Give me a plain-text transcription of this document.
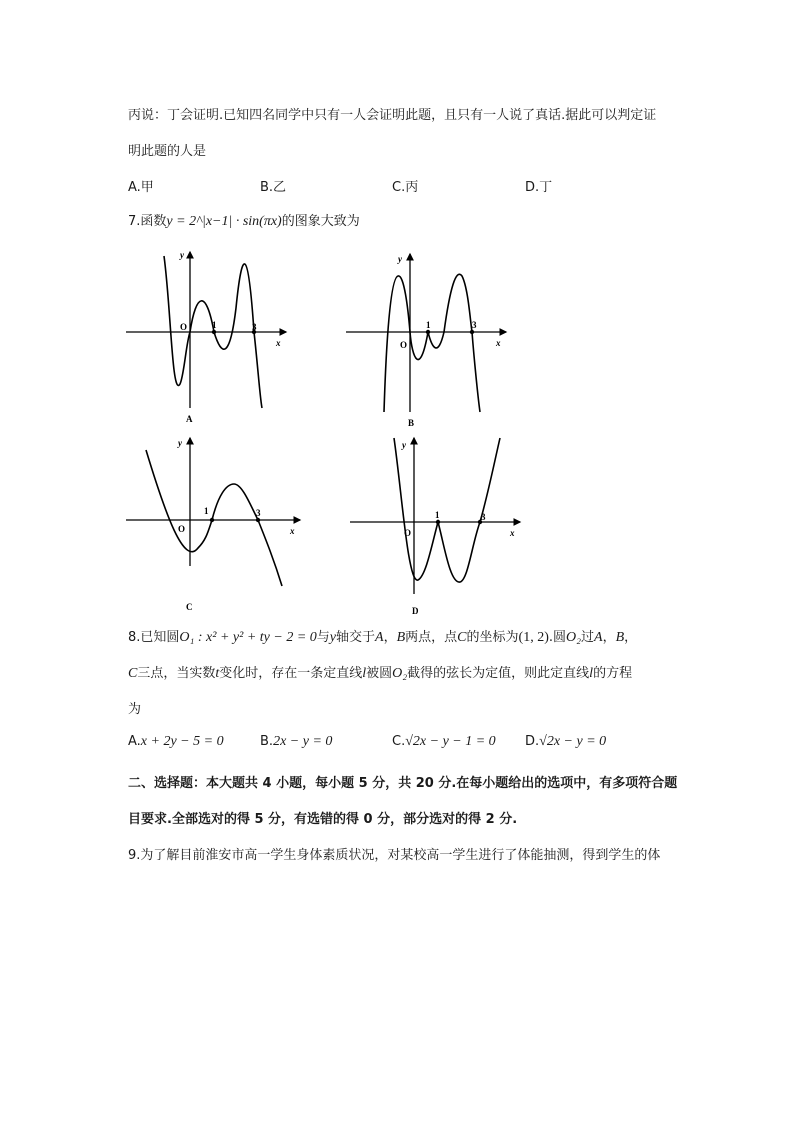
丙说：丁会证明.已知四名同学中只有一人会证明此题，且只有一人说了真话.据此可以判定证
明此题的人是
A.甲	B.乙	C.丙	D.丁
7.函数y = 2^|x−1| · sin(πx)的图象大致为
y
x
O	1	3
A
y
x
O
1	3
B
y
x
O
1	3
C
y
x
O
1	3
D
8.已知圆O₁ : x² + y² + ty − 2 = 0与y轴交于A，B两点，点C的坐标为(1, 2).圆O₂过A，B，
C三点，当实数t变化时，存在一条定直线l被圆O₂截得的弦长为定值，则此定直线l的方程
为
A.x + 2y − 5 = 0	B.2x − y = 0	C.√2x − y − 1 = 0 D.√2x − y = 0
二、选择题：本大题共 4 小题，每小题 5 分，共 20 分.在每小题给出的选项中，有多项符合题
目要求.全部选对的得 5 分，有选错的得 0 分，部分选对的得 2 分.
9.为了解目前淮安市高一学生身体素质状况，对某校高一学生进行了体能抽测，得到学生的体
